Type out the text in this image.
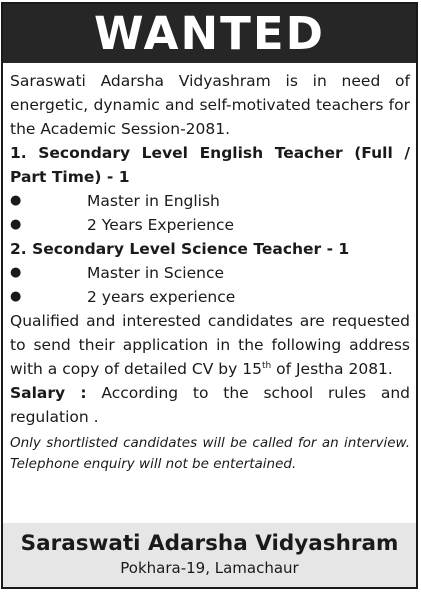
WANTED

Saraswati Adarsha Vidyashram is in need of energetic, dynamic and self-motivated teachers for the Academic Session-2081.

1. Secondary Level English Teacher (Full / Part Time) - 1

●	Master in English
●	2 Years Experience

2. Secondary Level Science Teacher - 1

●	Master in Science
●	2 years experience

Qualified and interested candidates are requested to send their application in the following address with a copy of detailed CV by 15th of Jestha 2081.

Salary : According to the school rules and regulation .

Only shortlisted candidates will be called for an interview. Telephone enquiry will not be entertained.

Saraswati Adarsha Vidyashram
Pokhara-19, Lamachaur
